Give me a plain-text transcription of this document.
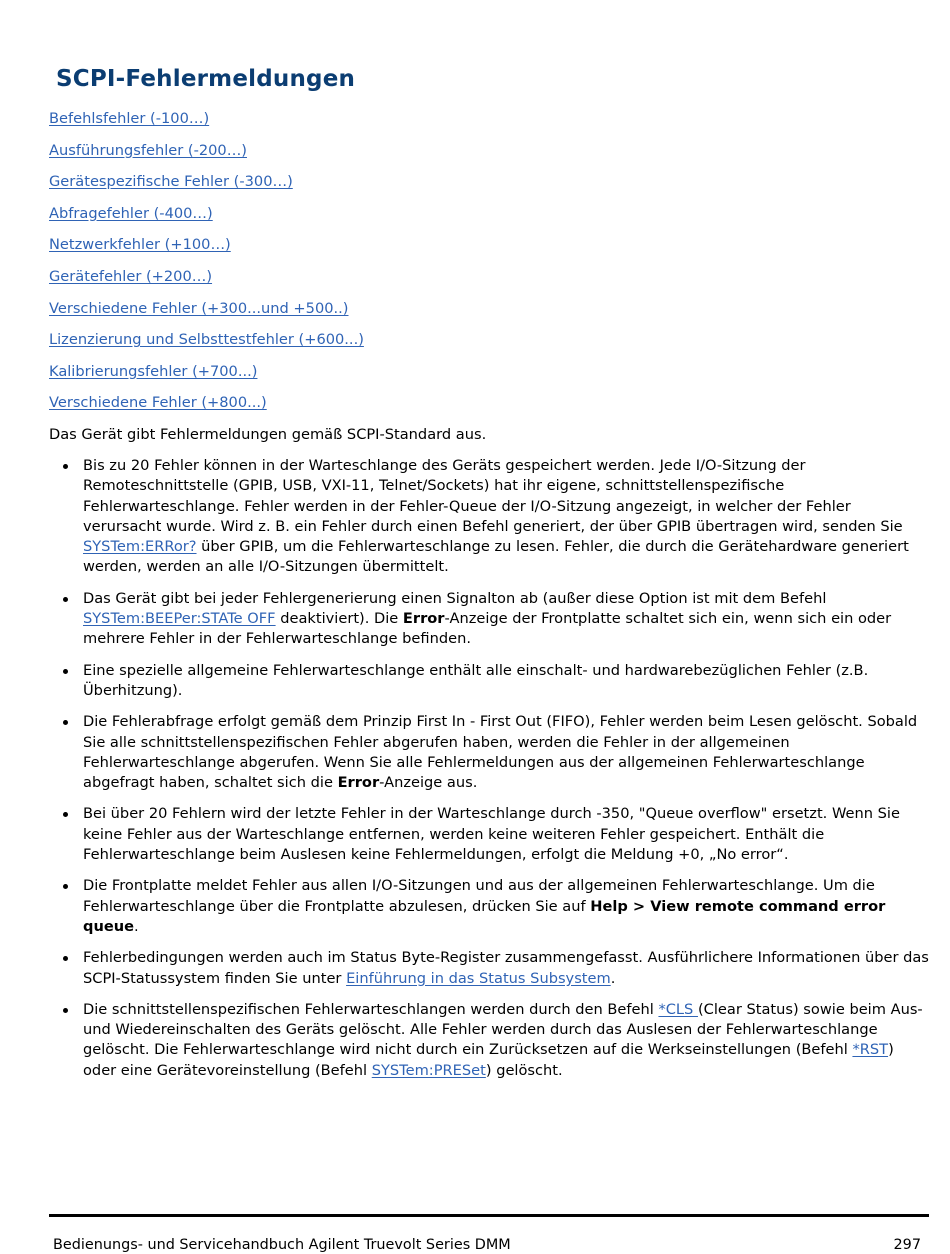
SCPI-Fehlermeldungen
Befehlsfehler (-100…)
Ausführungsfehler (-200…)
Gerätespezifische Fehler (-300…)
Abfragefehler (-400…)
Netzwerkfehler (+100…)
Gerätefehler (+200…)
Verschiedene Fehler (+300...und +500..)
Lizenzierung und Selbsttestfehler (+600...)
Kalibrierungsfehler (+700...)
Verschiedene Fehler (+800...)

Das Gerät gibt Fehlermeldungen gemäß SCPI-Standard aus.

Bis zu 20 Fehler können in der Warteschlange des Geräts gespeichert werden. Jede I/O-Sitzung der Remoteschnittstelle (GPIB, USB, VXI-11, Telnet/Sockets) hat ihr eigene, schnittstellenspezifische Fehlerwarteschlange. Fehler werden in der Fehler-Queue der I/O-Sitzung angezeigt, in welcher der Fehler verursacht wurde. Wird z. B. ein Fehler durch einen Befehl generiert, der über GPIB übertragen wird, senden Sie SYSTem:ERRor? über GPIB, um die Fehlerwarteschlange zu lesen. Fehler, die durch die Gerätehardware generiert werden, werden an alle I/O-Sitzungen übermittelt.
Das Gerät gibt bei jeder Fehlergenerierung einen Signalton ab (außer diese Option ist mit dem Befehl SYSTem:BEEPer:STATe OFF deaktiviert). Die Error-Anzeige der Frontplatte schaltet sich ein, wenn sich ein oder mehrere Fehler in der Fehlerwarteschlange befinden.
Eine spezielle allgemeine Fehlerwarteschlange enthält alle einschalt- und hardwarebezüglichen Fehler (z.B. Überhitzung).
Die Fehlerabfrage erfolgt gemäß dem Prinzip First In - First Out (FIFO), Fehler werden beim Lesen gelöscht. Sobald Sie alle schnittstellenspezifischen Fehler abgerufen haben, werden die Fehler in der allgemeinen Fehlerwarteschlange abgerufen. Wenn Sie alle Fehlermeldungen aus der allgemeinen Fehlerwarteschlange abgefragt haben, schaltet sich die Error-Anzeige aus.
Bei über 20 Fehlern wird der letzte Fehler in der Warteschlange durch -350, "Queue overflow" ersetzt. Wenn Sie keine Fehler aus der Warteschlange entfernen, werden keine weiteren Fehler gespeichert. Enthält die Fehlerwarteschlange beim Auslesen keine Fehlermeldungen, erfolgt die Meldung +0, „No error“.
Die Frontplatte meldet Fehler aus allen I/O-Sitzungen und aus der allgemeinen Fehlerwarteschlange. Um die Fehlerwarteschlange über die Frontplatte abzulesen, drücken Sie auf Help > View remote command error queue.
Fehlerbedingungen werden auch im Status Byte-Register zusammengefasst. Ausführlichere Informationen über das SCPI-Statussystem finden Sie unter Einführung in das Status Subsystem.
Die schnittstellenspezifischen Fehlerwarteschlangen werden durch den Befehl *CLS (Clear Status) sowie beim Aus- und Wiedereinschalten des Geräts gelöscht. Alle Fehler werden durch das Auslesen der Fehlerwarteschlange gelöscht. Die Fehlerwarteschlange wird nicht durch ein Zurücksetzen auf die Werkseinstellungen (Befehl *RST) oder eine Gerätevoreinstellung (Befehl SYSTem:PRESet) gelöscht.
Bedienungs- und Servicehandbuch Agilent Truevolt Series DMM	297
